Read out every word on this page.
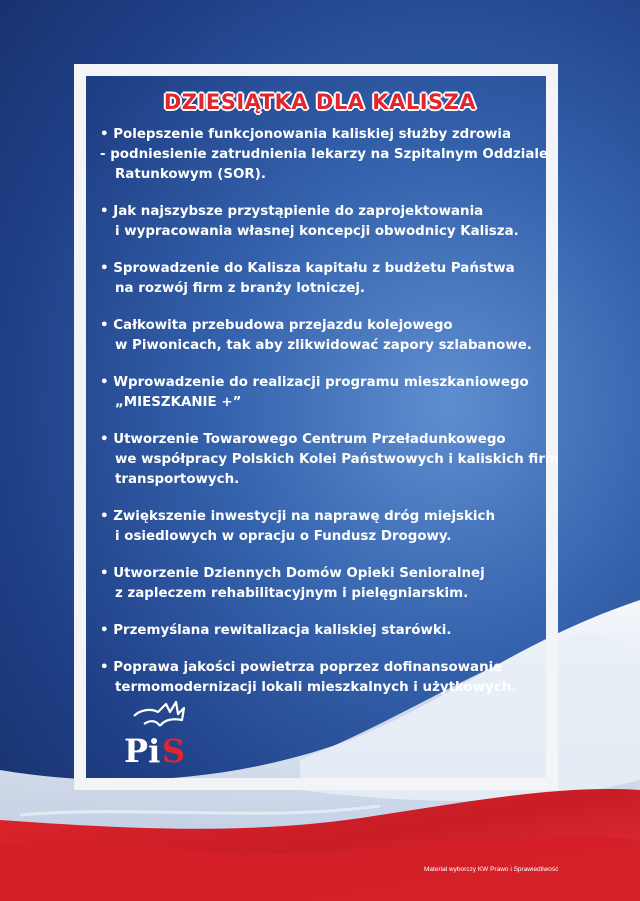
DZIESIĄTKA DLA KALISZA
• Polepszenie funkcjonowania kaliskiej służby zdrowia
- podniesienie zatrudnienia lekarzy na Szpitalnym Oddziale
Ratunkowym (SOR).
• Jak najszybsze przystąpienie do zaprojektowania
i wypracowania własnej koncepcji obwodnicy Kalisza.
• Sprowadzenie do Kalisza kapitału z budżetu Państwa
na rozwój firm z branży lotniczej.
• Całkowita przebudowa przejazdu kolejowego
w Piwonicach, tak aby zlikwidować zapory szlabanowe.
• Wprowadzenie do realizacji programu mieszkaniowego
„MIESZKANIE +”
• Utworzenie Towarowego Centrum Przeładunkowego
we współpracy Polskich Kolei Państwowych i kaliskich firm
transportowych.
• Zwiększenie inwestycji na naprawę dróg miejskich
i osiedlowych w opracju o Fundusz Drogowy.
• Utworzenie Dziennych Domów Opieki Senioralnej
z zapleczem rehabilitacyjnym i pielęgniarskim.
• Przemyślana rewitalizacja kaliskiej starówki.
• Poprawa jakości powietrza poprzez dofinansowanie
termomodernizacji lokali mieszkalnych i użytkowych.
Pi S
Materiał wyborczy KW Prawo i Sprawiedliwość
